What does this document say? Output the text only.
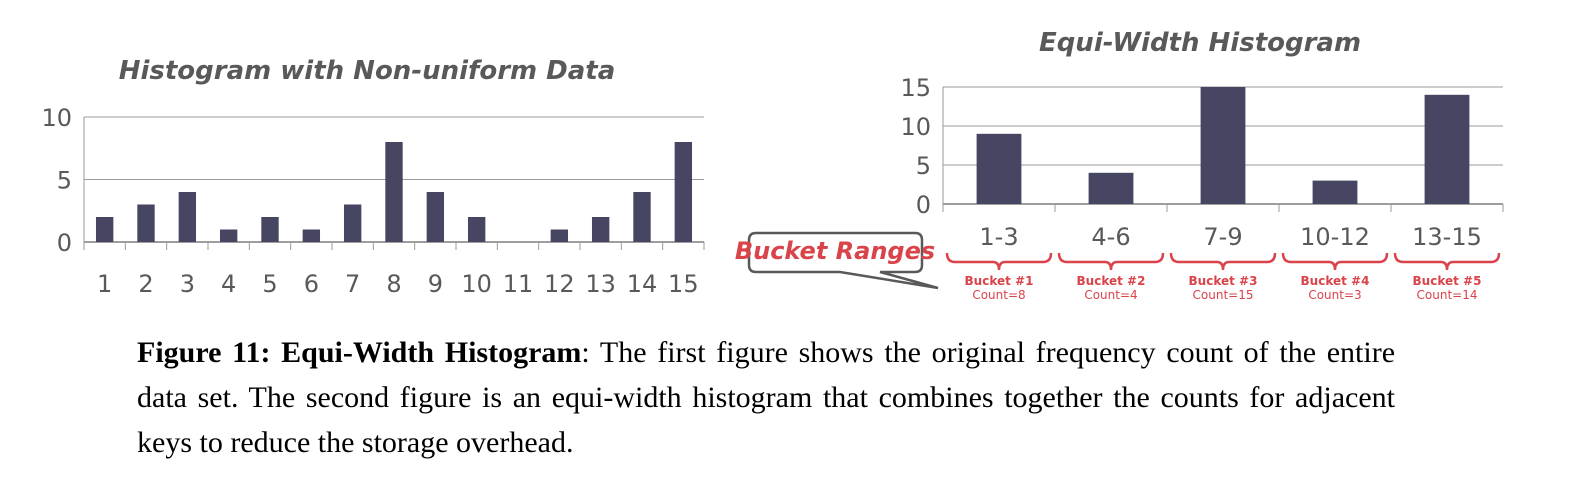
Histogram with Non-uniform Data
0
5
10
1 2 3 4 5 6 7 8 9 10 11 12 13 14 15
Equi-Width Histogram
0
5
10
15
1-3	4-6	7-9 10-12 13-15
Bucket #1
Count=8
Bucket #2
Count=4
Bucket #3
Count=15
Bucket #4
Count=3
Bucket #5
Count=14
Bucket Ranges
Figure 11: Equi-Width Histogram: The first figure shows the original frequency count of the entire data set. The second figure is an equi-width histogram that combines together the counts for adjacent keys to reduce the storage overhead.
